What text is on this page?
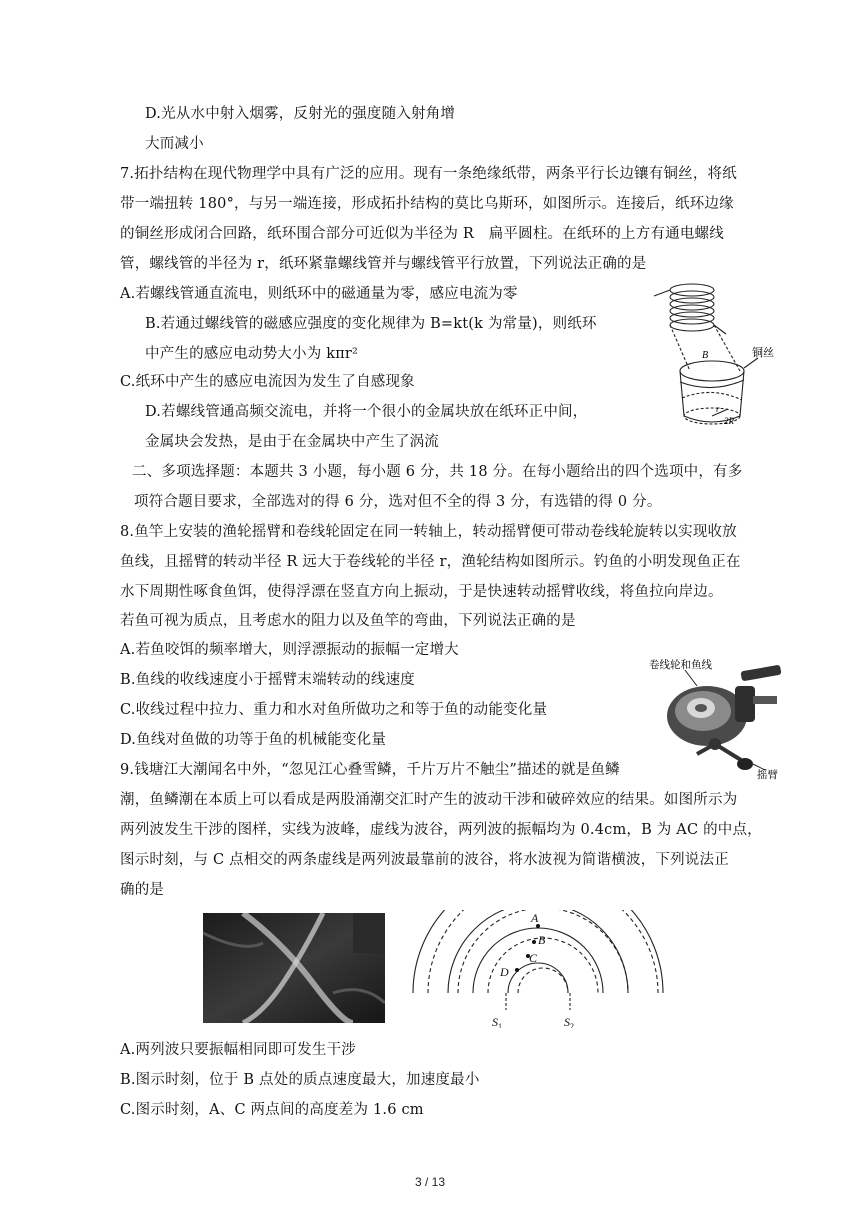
D.光从水中射入烟雾，反射光的强度随入射角增
大而减小
7.拓扑结构在现代物理学中具有广泛的应用。现有一条绝缘纸带，两条平行长边镶有铜丝，将纸
带一端扭转 180°，与另一端连接，形成拓扑结构的莫比乌斯环，如图所示。连接后，纸环边缘
的铜丝形成闭合回路，纸环围合部分可近似为半径为 R　扁平圆柱。在纸环的上方有通电螺线
管，螺线管的半径为 r，纸环紧靠螺线管并与螺线管平行放置，下列说法正确的是
A.若螺线管通直流电，则纸环中的磁通量为零，感应电流为零
B.若通过螺线管的磁感应强度的变化规律为 B=kt(k 为常量)，则纸环
中产生的感应电动势大小为 kπr²
C.纸环中产生的感应电流因为发生了自感现象
D.若螺线管通高频交流电，并将一个很小的金属块放在纸环正中间，
金属块会发热，是由于在金属块中产生了涡流
B
r
2R
铜丝
二、多项选择题：本题共 3 小题，每小题 6 分，共 18 分。在每小题给出的四个选项中，有多
项符合题目要求，全部选对的得 6 分，选对但不全的得 3 分，有选错的得 0 分。
8.鱼竿上安装的渔轮摇臂和卷线轮固定在同一转轴上，转动摇臂便可带动卷线轮旋转以实现收放
鱼线，且摇臂的转动半径 R 远大于卷线轮的半径 r，渔轮结构如图所示。钓鱼的小明发现鱼正在
水下周期性啄食鱼饵，使得浮漂在竖直方向上振动，于是快速转动摇臂收线，将鱼拉向岸边。
若鱼可视为质点，且考虑水的阻力以及鱼竿的弯曲，下列说法正确的是
A.若鱼咬饵的频率增大，则浮漂振动的振幅一定增大
B.鱼线的收线速度小于摇臂末端转动的线速度
C.收线过程中拉力、重力和水对鱼所做功之和等于鱼的动能变化量
D.鱼线对鱼做的功等于鱼的机械能变化量
卷线轮和鱼线
摇臂
9.钱塘江大潮闻名中外，“忽见江心叠雪鳞，千片万片不触尘”描述的就是鱼鳞
潮，鱼鳞潮在本质上可以看成是两股涌潮交汇时产生的波动干涉和破碎效应的结果。如图所示为
两列波发生干涉的图样，实线为波峰，虚线为波谷，两列波的振幅均为 0.4cm，B 为 AC 的中点，
图示时刻，与 C 点相交的两条虚线是两列波最靠前的波谷，将水波视为简谐横波，下列说法正
确的是
A
B
C
D
$S_1$	$S_2$
A.两列波只要振幅相同即可发生干涉
B.图示时刻，位于 B 点处的质点速度最大，加速度最小
C.图示时刻，A、C 两点间的高度差为 1.6 cm
3 / 13
